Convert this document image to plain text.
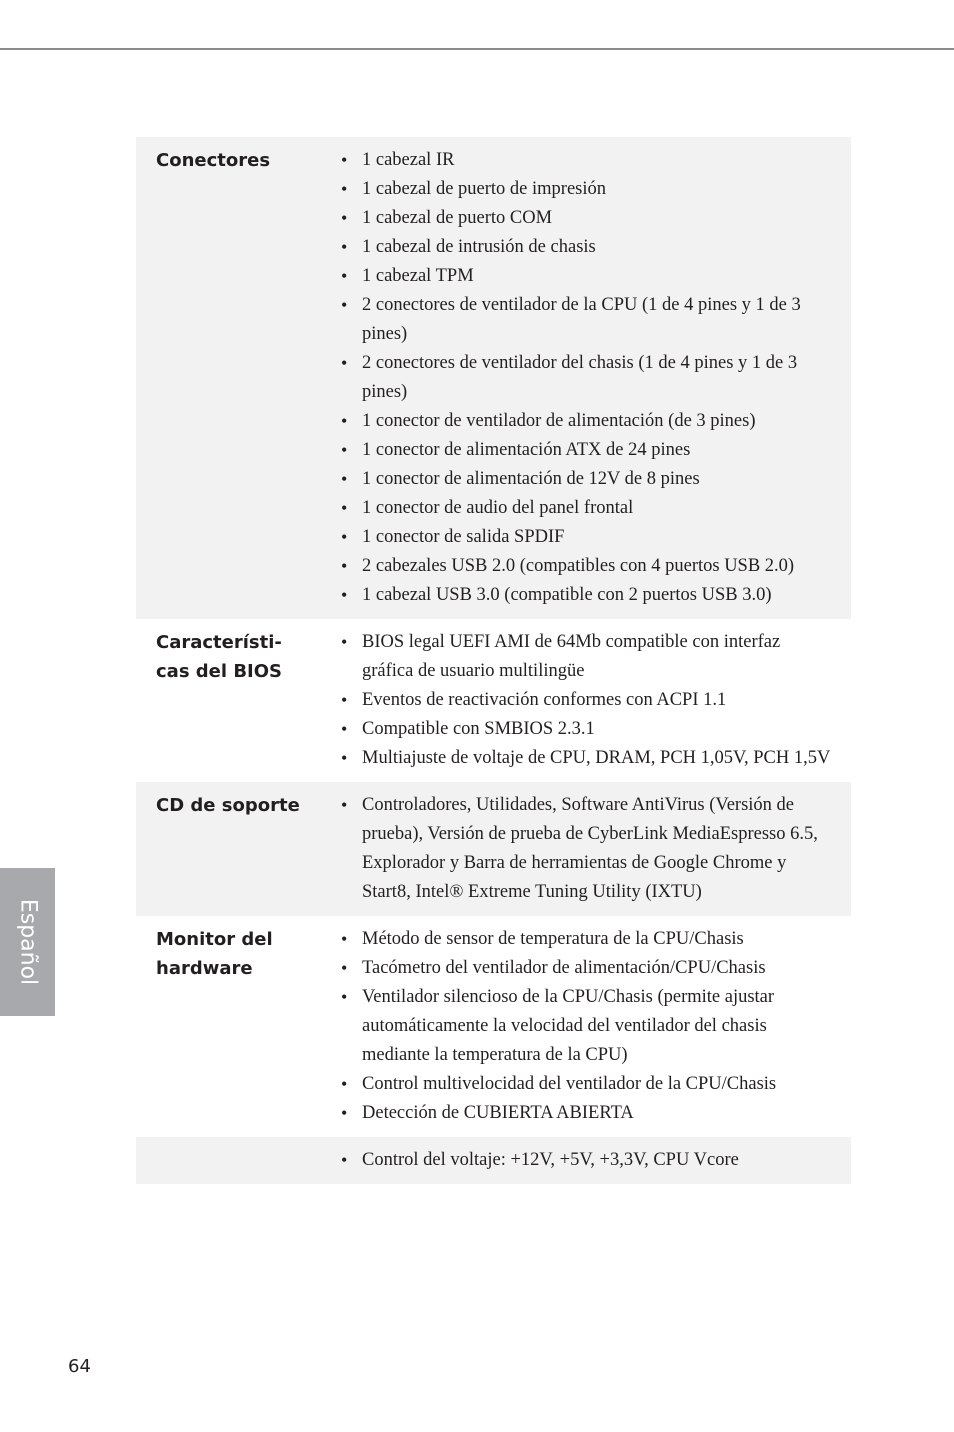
Conectores	• 1 cabezal IR
• 1 cabezal de puerto de impresión
• 1 cabezal de puerto COM
• 1 cabezal de intrusión de chasis
• 1 cabezal TPM
• 2 conectores de ventilador de la CPU (1 de 4 pines y 1 de 3 pines)
• 2 conectores de ventilador del chasis (1 de 4 pines y 1 de 3 pines)
• 1 conector de ventilador de alimentación (de 3 pines)
• 1 conector de alimentación ATX de 24 pines
• 1 conector de alimentación de 12V de 8 pines
• 1 conector de audio del panel frontal
• 1 conector de salida SPDIF
• 2 cabezales USB 2.0 (compatibles con 4 puertos USB 2.0)
• 1 cabezal USB 3.0 (compatible con 2 puertos USB 3.0)
Característi-
cas del BIOS
• BIOS legal UEFI AMI de 64Mb compatible con interfaz gráfica de usuario multilingüe
• Eventos de reactivación conformes con ACPI 1.1
• Compatible con SMBIOS 2.3.1
• Multiajuste de voltaje de CPU, DRAM, PCH 1,05V, PCH 1,5V
CD de soporte	• Controladores, Utilidades, Software AntiVirus (Versión de prueba), Versión de prueba de CyberLink MediaEspresso 6.5, Explorador y Barra de herramientas de Google Chrome y Start8, Intel® Extreme Tuning Utility (IXTU)
Monitor del
hardware
• Método de sensor de temperatura de la CPU/Chasis
• Tacómetro del ventilador de alimentación/CPU/Chasis
• Ventilador silencioso de la CPU/Chasis (permite ajustar automáticamente la velocidad del ventilador del chasis mediante la temperatura de la CPU)
• Control multivelocidad del ventilador de la CPU/Chasis
• Detección de CUBIERTA ABIERTA
• Control del voltaje: +12V, +5V, +3,3V, CPU Vcore
Español
64
